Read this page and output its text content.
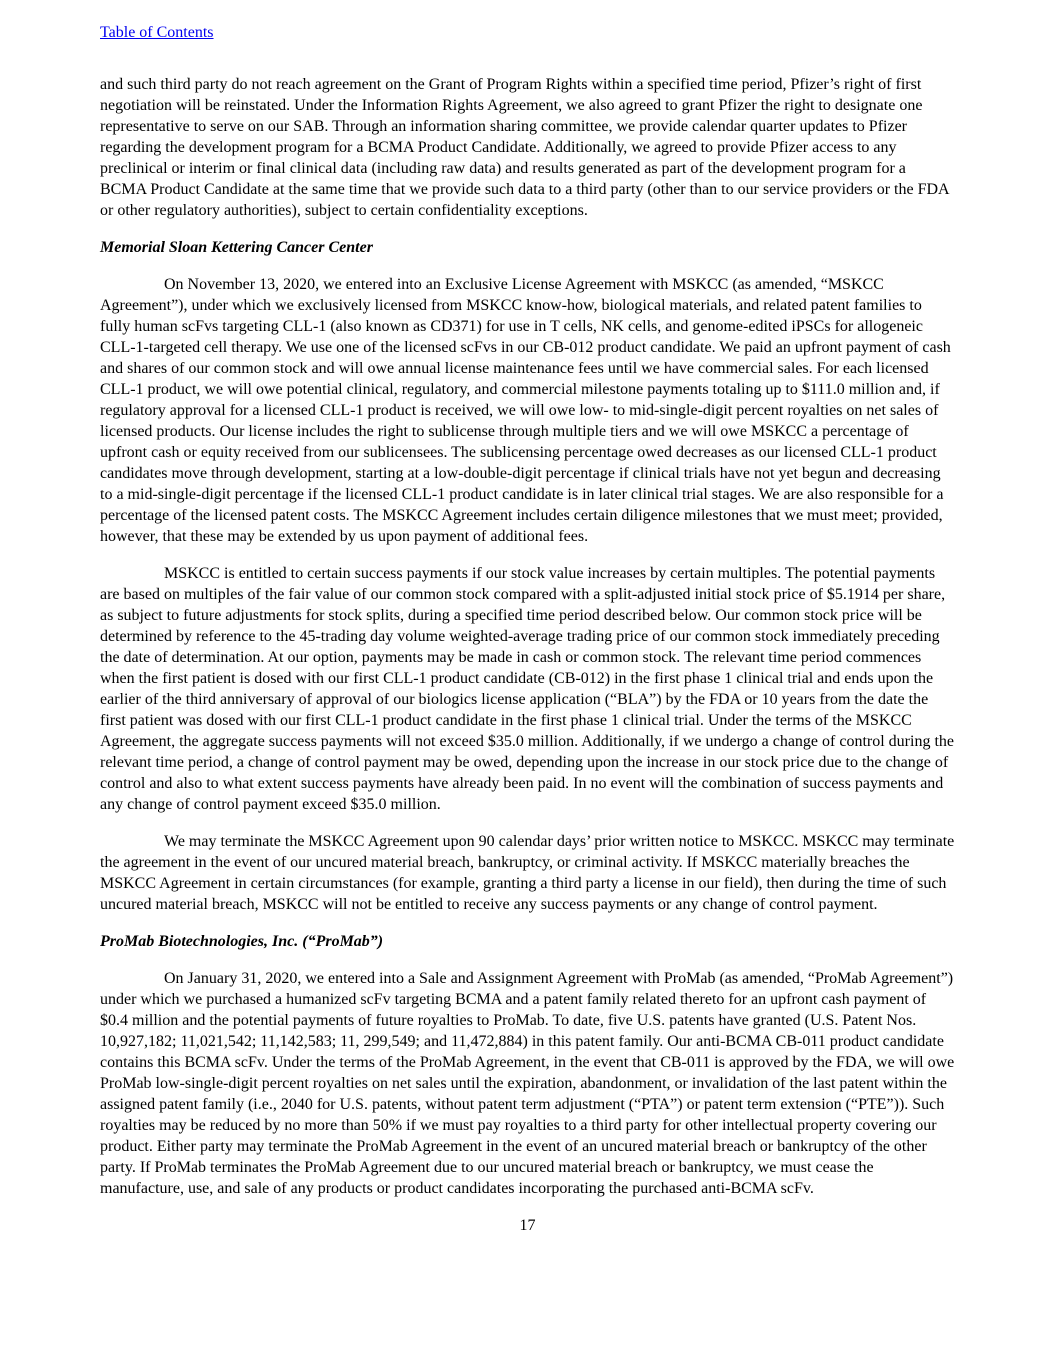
Table of Contents

and such third party do not reach agreement on the Grant of Program Rights within a specified time period, Pfizer’s right of first negotiation will be reinstated. Under the Information Rights Agreement, we also agreed to grant Pfizer the right to designate one representative to serve on our SAB. Through an information sharing committee, we provide calendar quarter updates to Pfizer regarding the development program for a BCMA Product Candidate. Additionally, we agreed to provide Pfizer access to any preclinical or interim or final clinical data (including raw data) and results generated as part of the development program for a BCMA Product Candidate at the same time that we provide such data to a third party (other than to our service providers or the FDA or other regulatory authorities), subject to certain confidentiality exceptions.

Memorial Sloan Kettering Cancer Center

On November 13, 2020, we entered into an Exclusive License Agreement with MSKCC (as amended, “MSKCC Agreement”), under which we exclusively licensed from MSKCC know-how, biological materials, and related patent families to fully human scFvs targeting CLL-1 (also known as CD371) for use in T cells, NK cells, and genome-edited iPSCs for allogeneic CLL-1-targeted cell therapy. We use one of the licensed scFvs in our CB-012 product candidate. We paid an upfront payment of cash and shares of our common stock and will owe annual license maintenance fees until we have commercial sales. For each licensed CLL-1 product, we will owe potential clinical, regulatory, and commercial milestone payments totaling up to $111.0 million and, if regulatory approval for a licensed CLL-1 product is received, we will owe low- to mid-single-digit percent royalties on net sales of licensed products. Our license includes the right to sublicense through multiple tiers and we will owe MSKCC a percentage of upfront cash or equity received from our sublicensees. The sublicensing percentage owed decreases as our licensed CLL-1 product candidates move through development, starting at a low-double-digit percentage if clinical trials have not yet begun and decreasing to a mid-single-digit percentage if the licensed CLL-1 product candidate is in later clinical trial stages. We are also responsible for a percentage of the licensed patent costs. The MSKCC Agreement includes certain diligence milestones that we must meet; provided, however, that these may be extended by us upon payment of additional fees.

MSKCC is entitled to certain success payments if our stock value increases by certain multiples. The potential payments are based on multiples of the fair value of our common stock compared with a split-adjusted initial stock price of $5.1914 per share, as subject to future adjustments for stock splits, during a specified time period described below. Our common stock price will be determined by reference to the 45-trading day volume weighted-average trading price of our common stock immediately preceding the date of determination. At our option, payments may be made in cash or common stock. The relevant time period commences when the first patient is dosed with our first CLL-1 product candidate (CB-012) in the first phase 1 clinical trial and ends upon the earlier of the third anniversary of approval of our biologics license application (“BLA”) by the FDA or 10 years from the date the first patient was dosed with our first CLL-1 product candidate in the first phase 1 clinical trial. Under the terms of the MSKCC Agreement, the aggregate success payments will not exceed $35.0 million. Additionally, if we undergo a change of control during the relevant time period, a change of control payment may be owed, depending upon the increase in our stock price due to the change of control and also to what extent success payments have already been paid. In no event will the combination of success payments and any change of control payment exceed $35.0 million.

We may terminate the MSKCC Agreement upon 90 calendar days’ prior written notice to MSKCC. MSKCC may terminate the agreement in the event of our uncured material breach, bankruptcy, or criminal activity. If MSKCC materially breaches the MSKCC Agreement in certain circumstances (for example, granting a third party a license in our field), then during the time of such uncured material breach, MSKCC will not be entitled to receive any success payments or any change of control payment.

ProMab Biotechnologies, Inc. (“ProMab”)

On January 31, 2020, we entered into a Sale and Assignment Agreement with ProMab (as amended, “ProMab Agreement”) under which we purchased a humanized scFv targeting BCMA and a patent family related thereto for an upfront cash payment of $0.4 million and the potential payments of future royalties to ProMab. To date, five U.S. patents have granted (U.S. Patent Nos. 10,927,182; 11,021,542; 11,142,583; 11, 299,549; and 11,472,884) in this patent family. Our anti-BCMA CB-011 product candidate contains this BCMA scFv. Under the terms of the ProMab Agreement, in the event that CB-011 is approved by the FDA, we will owe ProMab low-single-digit percent royalties on net sales until the expiration, abandonment, or invalidation of the last patent within the assigned patent family (i.e., 2040 for U.S. patents, without patent term adjustment (“PTA”) or patent term extension (“PTE”)). Such royalties may be reduced by no more than 50% if we must pay royalties to a third party for other intellectual property covering our product. Either party may terminate the ProMab Agreement in the event of an uncured material breach or bankruptcy of the other party. If ProMab terminates the ProMab Agreement due to our uncured material breach or bankruptcy, we must cease the manufacture, use, and sale of any products or product candidates incorporating the purchased anti-BCMA scFv.

17
